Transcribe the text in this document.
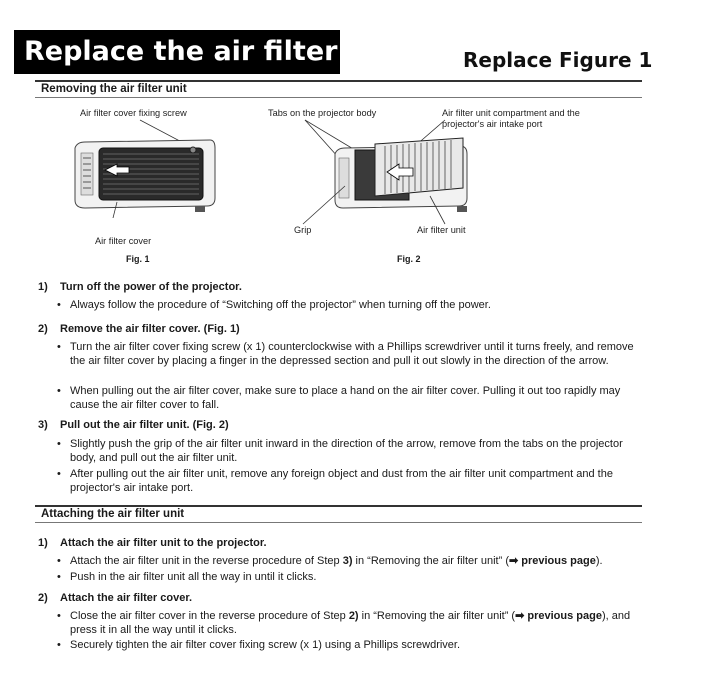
Replace the air filter	Replace Figure 1
Removing the air filter unit
Air filter cover fixing screw
Air filter cover
Fig. 1
Tabs on the projector body	Air filter unit compartment and the
projector's air intake port
Grip	Air filter unit
Fig. 2
1) Turn off the power of the projector.
• Always follow the procedure of “Switching off the projector” when turning off the power.
2) Remove the air filter cover. (Fig. 1)
• Turn the air filter cover fixing screw (x 1) counterclockwise with a Phillips screwdriver until it turns freely, and remove the air filter cover by placing a finger in the depressed section and pull it out slowly in the direction of the arrow.
• When pulling out the air filter cover, make sure to place a hand on the air filter cover. Pulling it out too rapidly may cause the air filter cover to fall.
3) Pull out the air filter unit. (Fig. 2)
• Slightly push the grip of the air filter unit inward in the direction of the arrow, remove from the tabs on the projector body, and pull out the air filter unit.
• After pulling out the air filter unit, remove any foreign object and dust from the air filter unit compartment and the projector's air intake port.
Attaching the air filter unit
1) Attach the air filter unit to the projector.
• Attach the air filter unit in the reverse procedure of Step 3) in “Removing the air filter unit” (➡ previous page).
• Push in the air filter unit all the way in until it clicks.
2) Attach the air filter cover.
• Close the air filter cover in the reverse procedure of Step 2) in “Removing the air filter unit” (➡ previous page), and press it in all the way until it clicks.
• Securely tighten the air filter cover fixing screw (x 1) using a Phillips screwdriver.
